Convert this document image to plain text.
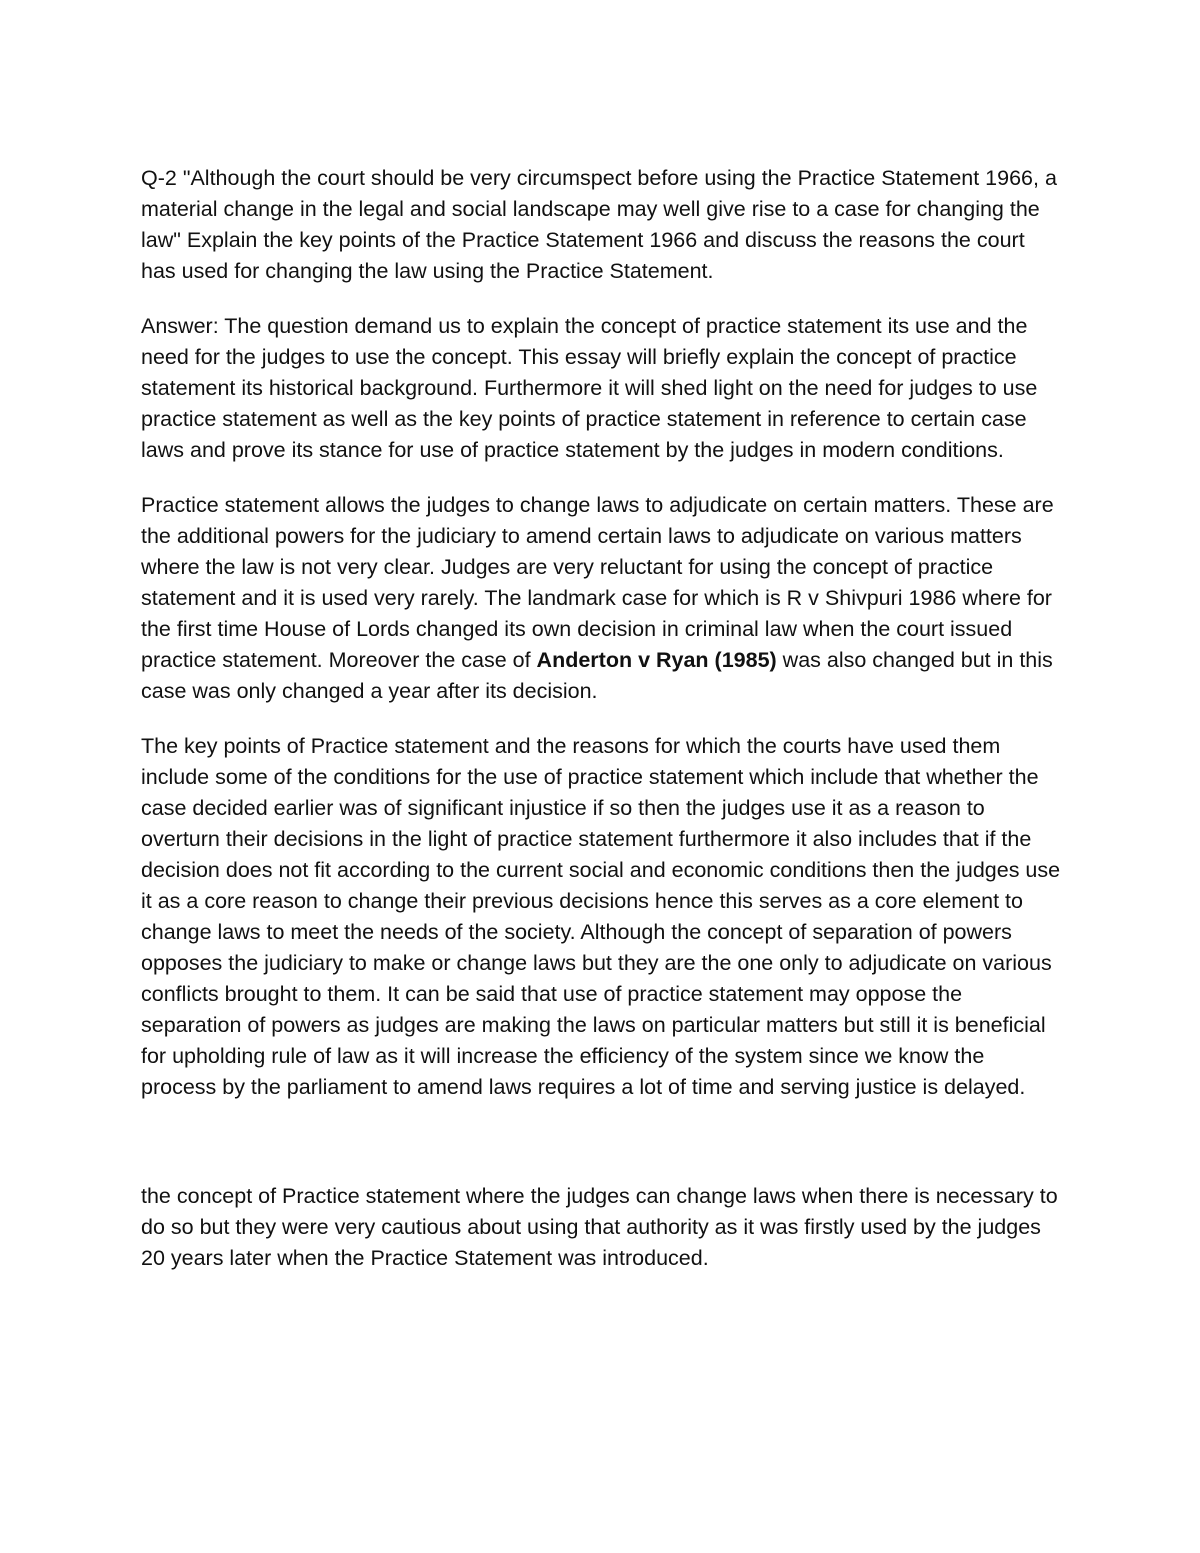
Q-2 "Although the court should be very circumspect before using the Practice Statement 1966, a material change in the legal and social landscape may well give rise to a case for changing the law" Explain the key points of the Practice Statement 1966 and discuss the reasons the court has used for changing the law using the Practice Statement.

Answer: The question demand us to explain the concept of practice statement its use and the need for the judges to use the concept. This essay will briefly explain the concept of practice statement its historical background. Furthermore it will shed light on the need for judges to use practice statement as well as the key points of practice statement in reference to certain case laws and prove its stance for use of practice statement by the judges in modern conditions.

Practice statement allows the judges to change laws to adjudicate on certain matters. These are the additional powers for the judiciary to amend certain laws to adjudicate on various matters where the law is not very clear. Judges are very reluctant for using the concept of practice statement and it is used very rarely. The landmark case for which is R v Shivpuri 1986 where for the first time House of Lords changed its own decision in criminal law when the court issued practice statement. Moreover the case of Anderton v Ryan (1985) was also changed but in this case was only changed a year after its decision.

The key points of Practice statement and the reasons for which the courts have used them include some of the conditions for the use of practice statement which include that whether the case decided earlier was of significant injustice if so then the judges use it as a reason to overturn their decisions in the light of practice statement furthermore it also includes that if the decision does not fit according to the current social and economic conditions then the judges use it as a core reason to change their previous decisions hence this serves as a core element to change laws to meet the needs of the society. Although the concept of separation of powers opposes the judiciary to make or change laws but they are the one only to adjudicate on various conflicts brought to them. It can be said that use of practice statement may oppose the separation of powers as judges are making the laws on particular matters but still it is beneficial for upholding rule of law as it will increase the efficiency of the system since we know the process by the parliament to amend laws requires a lot of time and serving justice is delayed.

the concept of Practice statement where the judges can change laws when there is necessary to do so but they were very cautious about using that authority as it was firstly used by the judges 20 years later when the Practice Statement was introduced.
